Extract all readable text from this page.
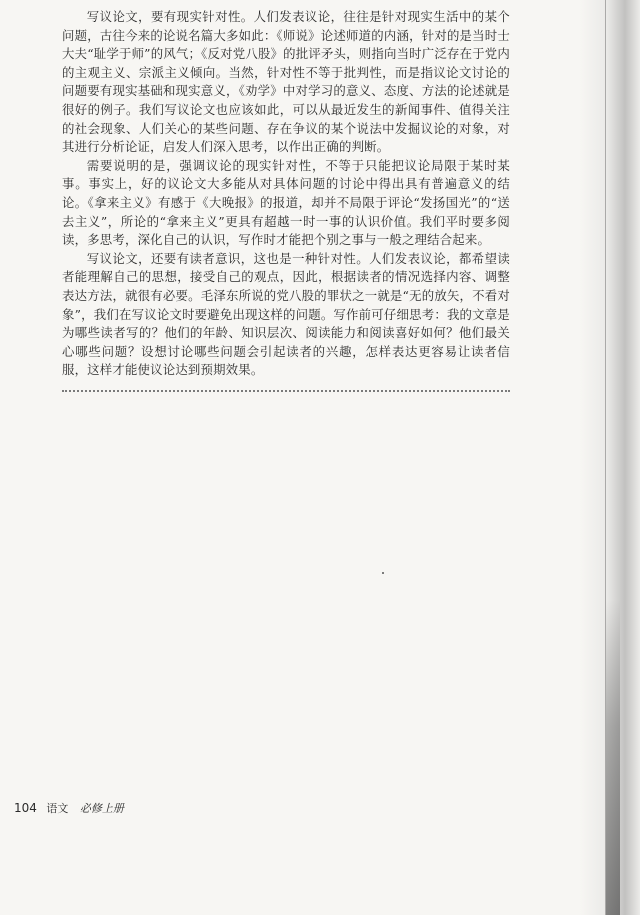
写议论文，要有现实针对性。人们发表议论，往往是针对现实生活中的某个问题，古往今来的论说名篇大多如此：《师说》论述师道的内涵，针对的是当时士大夫“耻学于师”的风气；《反对党八股》的批评矛头，则指向当时广泛存在于党内的主观主义、宗派主义倾向。当然，针对性不等于批判性，而是指议论文讨论的问题要有现实基础和现实意义，《劝学》中对学习的意义、态度、方法的论述就是很好的例子。我们写议论文也应该如此，可以从最近发生的新闻事件、值得关注的社会现象、人们关心的某些问题、存在争议的某个说法中发掘议论的对象，对其进行分析论证，启发人们深入思考，以作出正确的判断。

需要说明的是，强调议论的现实针对性，不等于只能把议论局限于某时某事。事实上，好的议论文大多能从对具体问题的讨论中得出具有普遍意义的结论。《拿来主义》有感于《大晚报》的报道，却并不局限于评论“发扬国光”的“送去主义”，所论的“拿来主义”更具有超越一时一事的认识价值。我们平时要多阅读，多思考，深化自己的认识，写作时才能把个别之事与一般之理结合起来。

写议论文，还要有读者意识，这也是一种针对性。人们发表议论，都希望读者能理解自己的思想，接受自己的观点，因此，根据读者的情况选择内容、调整表达方法，就很有必要。毛泽东所说的党八股的罪状之一就是“无的放矢，不看对象”，我们在写议论文时要避免出现这样的问题。写作前可仔细思考：我的文章是为哪些读者写的？他们的年龄、知识层次、阅读能力和阅读喜好如何？他们最关心哪些问题？设想讨论哪些问题会引起读者的兴趣，怎样表达更容易让读者信服，这样才能使议论达到预期效果。

104 语文 必修上册
